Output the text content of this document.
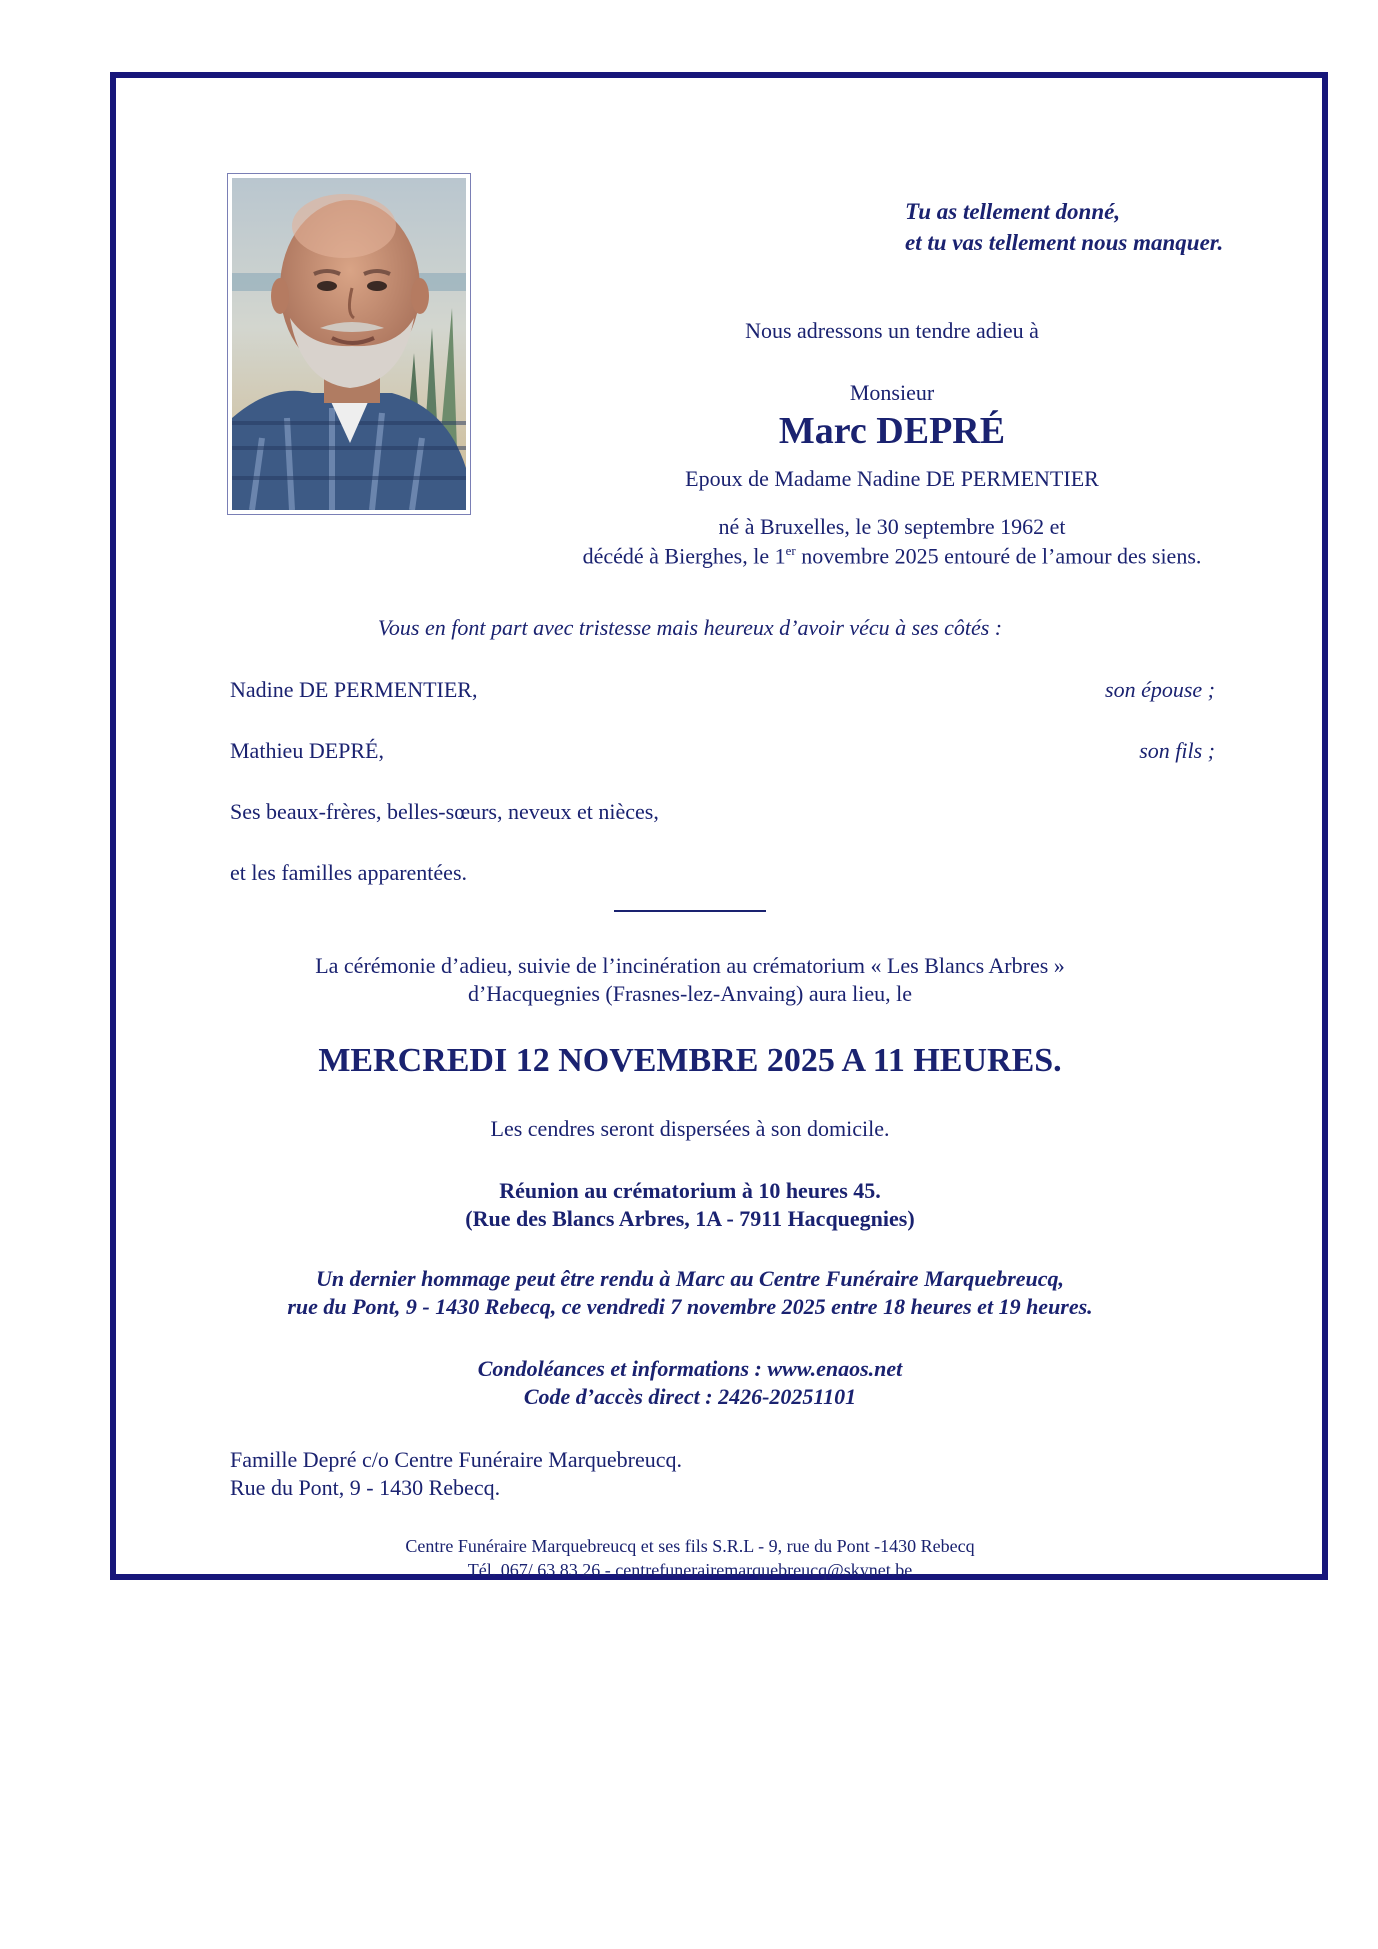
Tu as tellement donné,
et tu vas tellement nous manquer.
Nous adressons un tendre adieu à
Monsieur
Marc DEPRÉ
Epoux de Madame Nadine DE PERMENTIER
né à Bruxelles, le 30 septembre 1962 et
décédé à Bierghes, le 1er novembre 2025 entouré de l’amour des siens.
Vous en font part avec tristesse mais heureux d’avoir vécu à ses côtés :
Nadine DE PERMENTIER,	son épouse ;
Mathieu DEPRÉ,	son fils ;
Ses beaux-frères, belles-sœurs, neveux et nièces,
et les familles apparentées.
La cérémonie d’adieu, suivie de l’incinération au crématorium « Les Blancs Arbres »
d’Hacquegnies (Frasnes-lez-Anvaing) aura lieu, le
MERCREDI 12 NOVEMBRE 2025 A 11 HEURES.
Les cendres seront dispersées à son domicile.
Réunion au crématorium à 10 heures 45.
(Rue des Blancs Arbres, 1A - 7911 Hacquegnies)
Un dernier hommage peut être rendu à Marc au Centre Funéraire Marquebreucq,
rue du Pont, 9 - 1430 Rebecq, ce vendredi 7 novembre 2025 entre 18 heures et 19 heures.
Condoléances et informations : www.enaos.net
Code d’accès direct : 2426-20251101
Famille Depré c/o Centre Funéraire Marquebreucq.
Rue du Pont, 9 - 1430 Rebecq.
Centre Funéraire Marquebreucq et ses fils S.R.L - 9, rue du Pont -1430 Rebecq
Tél. 067/ 63 83 26 - centrefunerairemarquebreucq@skynet.be
